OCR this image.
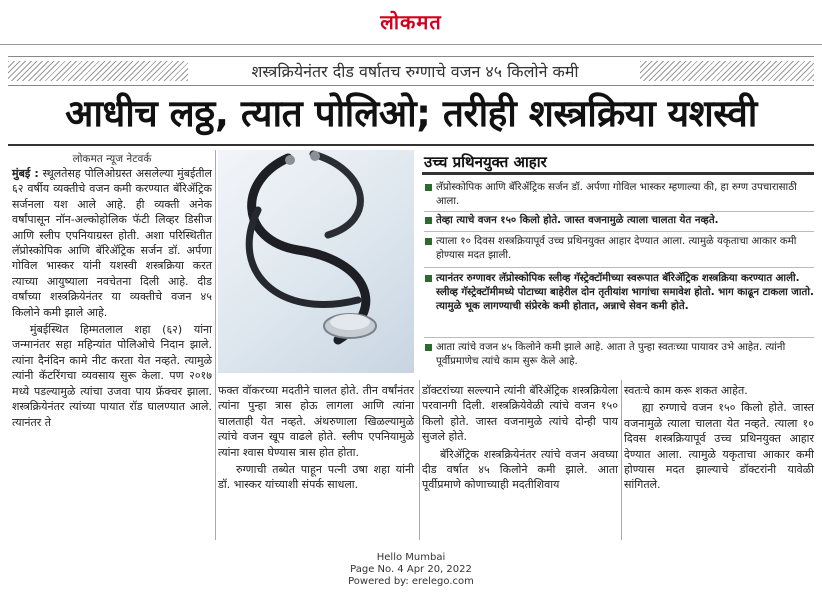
लोकमत
शस्त्रक्रियेनंतर दीड वर्षातच रुग्णाचे वजन ४५ किलोने कमी
आधीच लठ्ठ, त्यात पोलिओ; तरीही शस्त्रक्रिया यशस्वी
लोकमत न्यूज नेटवर्क

मुंबई : स्थूलतेसह पोलिओग्रस्त असलेल्या मुंबईतील ६२ वर्षीय व्यक्तीचे वजन कमी करण्यात बॅरिॲट्रिक सर्जनला यश आले आहे. ही व्यक्ती अनेक वर्षांपासून नॉन-अल्कोहोलिक फॅटी लिव्हर डिसीज आणि स्लीप एपनियाग्रस्त होती. अशा परिस्थितीत लॅप्रोस्कोपिक आणि बॅरिॲट्रिक सर्जन डॉ. अर्पणा गोविल भास्कर यांनी यशस्वी शस्त्रक्रिया करत त्याच्या आयुष्याला नवचेतना दिली आहे. दीड वर्षांच्या शस्त्रक्रियेनंतर या व्यक्तीचे वजन ४५ किलोने कमी झाले आहे.

मुंबईस्थित हिम्मतलाल शहा (६२) यांना जन्मानंतर सहा महिन्यांत पोलिओचे निदान झाले. त्यांना दैनंदिन कामे नीट करता येत नव्हते. त्यामुळे त्यांनी कॅटरिंगचा व्यवसाय सुरू केला. पण २०१७ मध्ये पडल्यामुळे त्यांचा उजवा पाय फ्रॅक्चर झाला. शस्त्रक्रियेनंतर त्यांच्या पायात रॉड घालण्यात आले. त्यानंतर ते

उच्च प्रथिनयुक्त आहार
लॅप्रोस्कोपिक आणि बॅरिॲट्रिक सर्जन डॉ. अर्पणा गोविल भास्कर म्हणाल्या की, हा रुग्ण उपचारासाठी आला.
तेव्हा त्याचे वजन १५० किलो होते. जास्त वजनामुळे त्याला चालता येत नव्हते.
त्याला १० दिवस शस्त्रक्रियापूर्व उच्च प्रथिनयुक्त आहार देण्यात आला. त्यामुळे यकृताचा आकार कमी होण्यास मदत झाली.
त्यानंतर रुग्णावर लॅप्रोस्कोपिक स्लीव्ह गॅस्ट्रेक्टॉमीच्या स्वरूपात बॅरिॲट्रिक शस्त्रक्रिया करण्यात आली. स्लीव्ह गॅस्ट्रेक्टॉमीमध्ये पोटाच्या बाहेरील दोन तृतीयांश भागांचा समावेश होतो. भाग काढून टाकला जातो. त्यामुळे भूक लागण्याची संप्रेरके कमी होतात, अन्नाचे सेवन कमी होते.
आता त्यांचे वजन ४५ किलोने कमी झाले आहे. आता ते पुन्हा स्वतःच्या पायावर उभे आहेत. त्यांनी पूर्वीप्रमाणेच त्यांचे काम सुरू केले आहे.

फक्त वॉकरच्या मदतीने चालत होते. तीन वर्षांनंतर त्यांना पुन्हा त्रास होऊ लागला आणि त्यांना चालताही येत नव्हते. अंथरुणाला खिळल्यामुळे त्यांचे वजन खूप वाढले होते. स्लीप एपनियामुळे त्यांना श्वास घेण्यास त्रास होत होता.

रुग्णाची तब्येत पाहून पत्नी उषा शहा यांनी डॉ. भास्कर यांच्याशी संपर्क साधला.

डॉक्टरांच्या सल्ल्याने त्यांनी बॅरिॲट्रिक शस्त्रक्रियेला परवानगी दिली. शस्त्रक्रियेवेळी त्यांचे वजन १५० किलो होते. जास्त वजनामुळे त्यांचे दोन्ही पाय सुजले होते.

बॅरिॲट्रिक शस्त्रक्रियेनंतर त्यांचे वजन अवघ्या दीड वर्षात ४५ किलोने कमी झाले. आता पूर्वीप्रमाणे कोणाच्याही मदतीशिवाय

स्वतःचे काम करू शकत आहेत.

ह्या रुग्णाचे वजन १५० किलो होते. जास्त वजनामुळे त्याला चालता येत नव्हते. त्याला १० दिवस शस्त्रक्रियापूर्व उच्च प्रथिनयुक्त आहार देण्यात आला. त्यामुळे यकृताचा आकार कमी होण्यास मदत झाल्याचे डॉक्टरांनी यावेळी सांगितले.

Hello Mumbai
Page No. 4 Apr 20, 2022
Powered by: erelego.com
